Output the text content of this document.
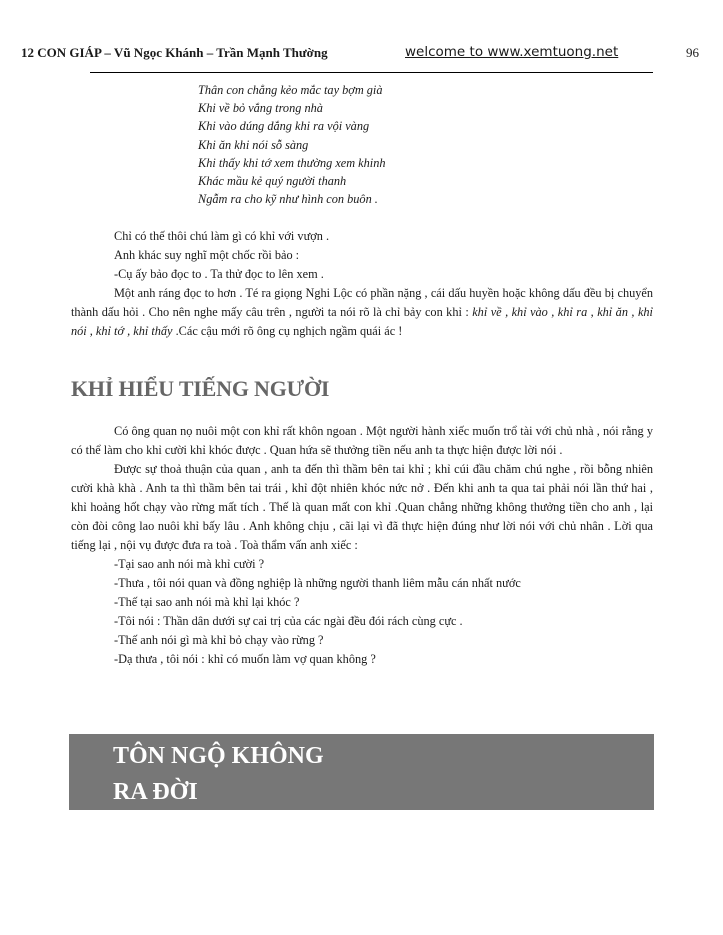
12 CON GIÁP – Vũ Ngọc Khánh – Trần Mạnh Thường	welcome to www.xemtuong.net	96
Thân con chẳng kẻo mắc tay bợm già
Khi về bỏ vắng trong nhà
Khi vào dúng dắng khi ra vội vàng
Khi ăn khi nói sỗ sàng
Khi thấy khi tớ xem thường xem khinh
Khác mầu kẻ quý người thanh
Ngẫm ra cho kỹ như hình con buôn .

Chỉ có thế thôi chú làm gì có khỉ với vượn .

Anh khác suy nghĩ một chốc rồi bảo :

-Cụ ấy bảo đọc to . Ta thử đọc to lên xem .

Một anh ráng đọc to hơn . Té ra giọng Nghi Lộc có phần nặng , cái dấu huyền hoặc không dấu đều bị chuyển thành dấu hỏi . Cho nên nghe mấy câu trên , người ta nói rõ là chỉ bảy con khỉ : khỉ về , khỉ vào , khỉ ra , khỉ ăn , khỉ nói , khỉ tớ , khỉ thấy .Các cậu mới rõ ông cụ nghịch ngầm quái ác !

KHỈ HIỂU TIẾNG NGƯỜI

Có ông quan nọ nuôi một con khỉ rất khôn ngoan . Một người hành xiếc muốn trổ tài với chủ nhà , nói rằng y có thể làm cho khỉ cười khỉ khóc được . Quan hứa sẽ thưởng tiền nếu anh ta thực hiện được lời nói .

Được sự thoả thuận của quan , anh ta đến thì thầm bên tai khỉ ; khỉ cúi đầu chăm chú nghe , rồi bỗng nhiên cười khà khà . Anh ta thì thầm bên tai trái , khỉ đột nhiên khóc nức nở . Đến khi anh ta qua tai phải nói lần thứ hai , khỉ hoảng hốt chạy vào rừng mất tích . Thế là quan mất con khỉ .Quan chẳng những không thưởng tiền cho anh , lại còn đòi công lao nuôi khỉ bấy lâu . Anh không chịu , cãi lại vì đã thực hiện đúng như lời nói với chủ nhân . Lời qua tiếng lại , nội vụ được đưa ra toà . Toà thẩm vấn anh xiếc :

-Tại sao anh nói mà khỉ cười ?
-Thưa , tôi nói quan và đồng nghiệp là những người thanh liêm mẫu cán nhất nước
-Thế tại sao anh nói mà khỉ lại khóc ?
-Tôi nói : Thần dân dưới sự cai trị của các ngài đều đói rách cùng cực .
-Thế anh nói gì mà khỉ bỏ chạy vào rừng ?
-Dạ thưa , tôi nói : khỉ có muốn làm vợ quan không ?
TÔN NGỘ KHÔNG
RA ĐỜI
